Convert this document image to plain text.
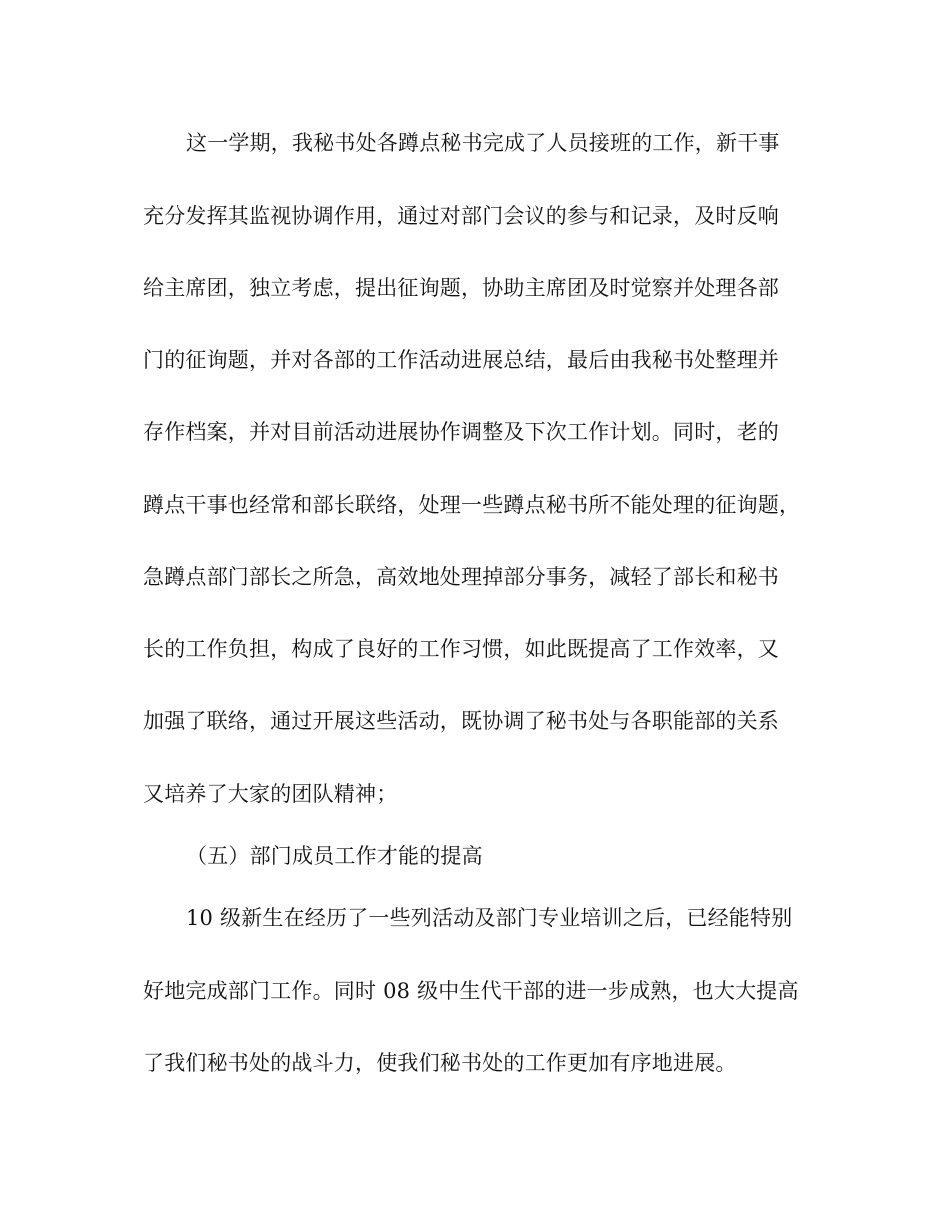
这一学期，我秘书处各蹲点秘书完成了人员接班的工作，新干事
充分发挥其监视协调作用，通过对部门会议的参与和记录，及时反响
给主席团，独立考虑，提出征询题，协助主席团及时觉察并处理各部
门的征询题，并对各部的工作活动进展总结，最后由我秘书处整理并
存作档案，并对目前活动进展协作调整及下次工作计划。同时，老的
蹲点干事也经常和部长联络，处理一些蹲点秘书所不能处理的征询题，
急蹲点部门部长之所急，高效地处理掉部分事务，减轻了部长和秘书
长的工作负担，构成了良好的工作习惯，如此既提高了工作效率，又
加强了联络，通过开展这些活动，既协调了秘书处与各职能部的关系
又培养了大家的团队精神；
（五）部门成员工作才能的提高
10 级新生在经历了一些列活动及部门专业培训之后，已经能特别
好地完成部门工作。同时 08 级中生代干部的进一步成熟，也大大提高
了我们秘书处的战斗力，使我们秘书处的工作更加有序地进展。
